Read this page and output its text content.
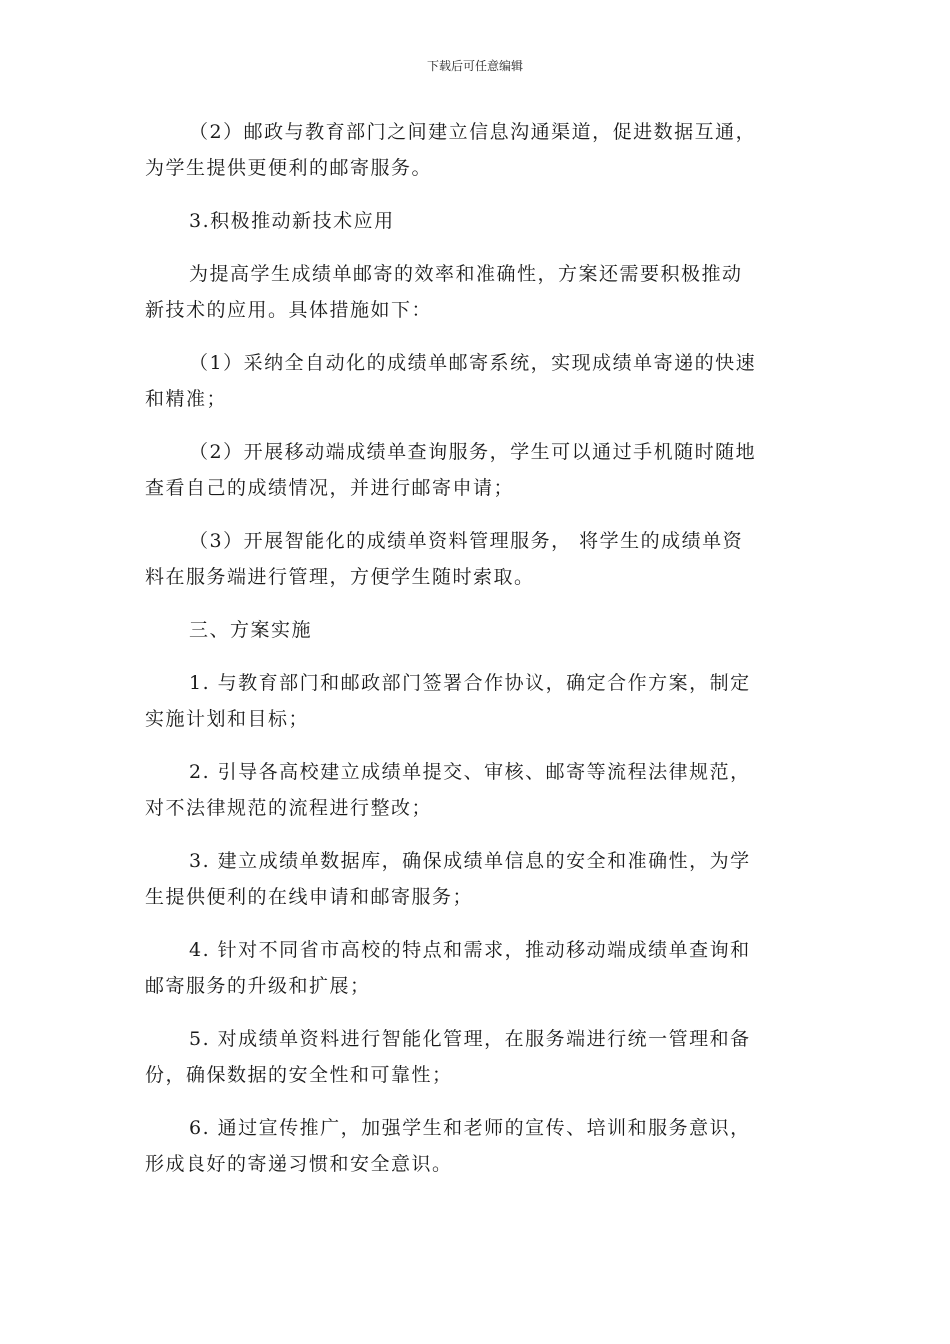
下载后可任意编辑

（2）邮政与教育部门之间建立信息沟通渠道，促进数据互通，
为学生提供更便利的邮寄服务。

3.积极推动新技术应用

为提高学生成绩单邮寄的效率和准确性，方案还需要积极推动
新技术的应用。具体措施如下：

（1）采纳全自动化的成绩单邮寄系统，实现成绩单寄递的快速
和精准；

（2）开展移动端成绩单查询服务，学生可以通过手机随时随地
查看自己的成绩情况，并进行邮寄申请；

（3）开展智能化的成绩单资料管理服务， 将学生的成绩单资
料在服务端进行管理，方便学生随时索取。

三、方案实施

1. 与教育部门和邮政部门签署合作协议，确定合作方案，制定
实施计划和目标；

2. 引导各高校建立成绩单提交、审核、邮寄等流程法律规范，
对不法律规范的流程进行整改；

3. 建立成绩单数据库，确保成绩单信息的安全和准确性，为学
生提供便利的在线申请和邮寄服务；

4. 针对不同省市高校的特点和需求，推动移动端成绩单查询和
邮寄服务的升级和扩展；

5. 对成绩单资料进行智能化管理，在服务端进行统一管理和备
份，确保数据的安全性和可靠性；

6. 通过宣传推广，加强学生和老师的宣传、培训和服务意识，
形成良好的寄递习惯和安全意识。
